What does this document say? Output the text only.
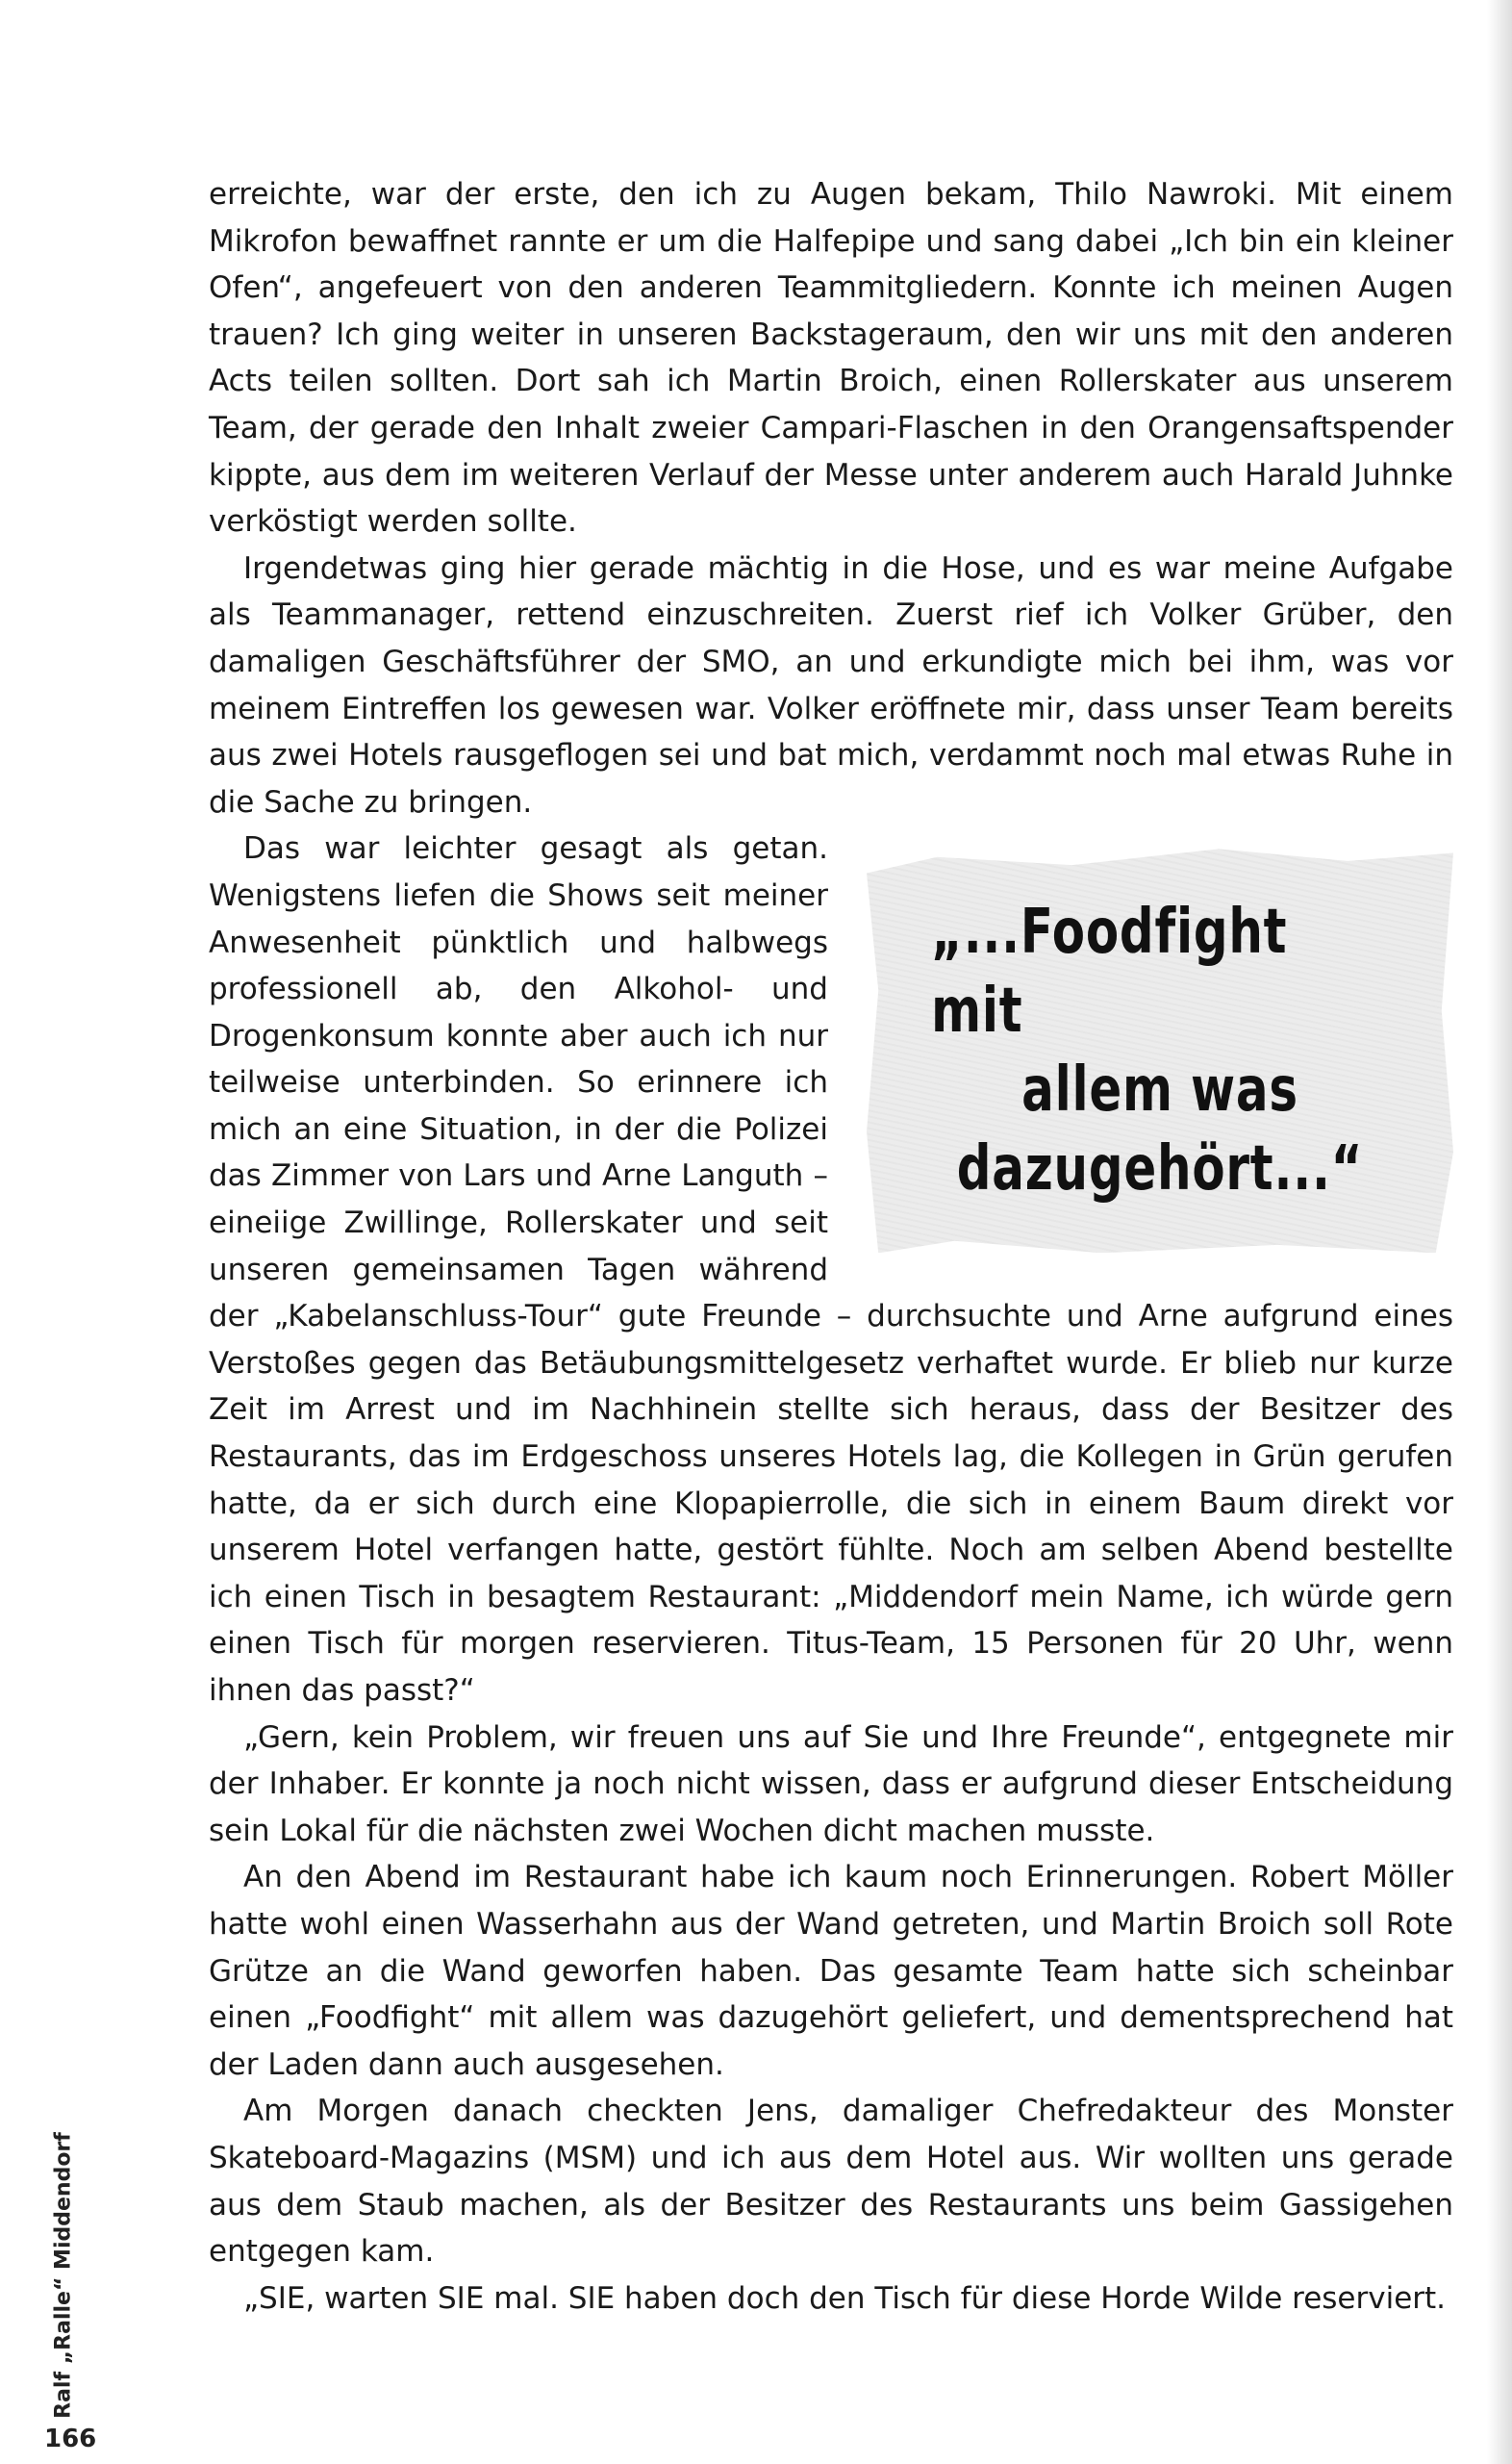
erreichte, war der erste, den ich zu Augen bekam, Thilo Nawroki. Mit einem Mikrofon bewaffnet rannte er um die Halfepipe und sang dabei „Ich bin ein kleiner Ofen“, angefeuert von den anderen Teammitgliedern. Konnte ich meinen Augen trauen? Ich ging weiter in unseren Backstageraum, den wir uns mit den anderen Acts teilen sollten. Dort sah ich Martin Broich, einen Rollerskater aus unserem Team, der gerade den Inhalt zweier Campari-Flaschen in den Orangensaftspender kippte, aus dem im weiteren Verlauf der Messe unter anderem auch Harald Juhnke verköstigt werden sollte.

Irgendetwas ging hier gerade mächtig in die Hose, und es war meine Aufgabe als Teammanager, rettend einzuschreiten. Zuerst rief ich Volker Grüber, den damaligen Geschäftsführer der SMO, an und erkundigte mich bei ihm, was vor meinem Eintreffen los gewesen war. Volker eröffnete mir, dass unser Team bereits aus zwei Hotels rausgeflogen sei und bat mich, verdammt noch mal etwas Ruhe in die Sache zu bringen.

„...Foodfight mit
allem was
dazugehört...“

Das war leichter gesagt als getan. Wenigstens liefen die Shows seit meiner Anwesenheit pünktlich und halbwegs professionell ab, den Alkohol- und Drogenkonsum konnte aber auch ich nur teilweise unterbinden. So erinnere ich mich an eine Situation, in der die Polizei das Zimmer von Lars und Arne Languth – eineiige Zwillinge, Rollerskater und seit unseren gemeinsamen Tagen während der „Kabelanschluss-Tour“ gute Freunde – durchsuchte und Arne aufgrund eines Verstoßes gegen das Betäubungsmittelgesetz verhaftet wurde. Er blieb nur kurze Zeit im Arrest und im Nachhinein stellte sich heraus, dass der Besitzer des Restaurants, das im Erdgeschoss unseres Hotels lag, die Kollegen in Grün gerufen hatte, da er sich durch eine Klopapierrolle, die sich in einem Baum direkt vor unserem Hotel verfangen hatte, gestört fühlte. Noch am selben Abend bestellte ich einen Tisch in besagtem Restaurant: „Middendorf mein Name, ich würde gern einen Tisch für morgen reservieren. Titus-Team, 15 Personen für 20 Uhr, wenn ihnen das passt?“

„Gern, kein Problem, wir freuen uns auf Sie und Ihre Freunde“, entgegnete mir der Inhaber. Er konnte ja noch nicht wissen, dass er aufgrund dieser Entscheidung sein Lokal für die nächsten zwei Wochen dicht machen musste.

An den Abend im Restaurant habe ich kaum noch Erinnerungen. Robert Möller hatte wohl einen Wasserhahn aus der Wand getreten, und Martin Broich soll Rote Grütze an die Wand geworfen haben. Das gesamte Team hatte sich scheinbar einen „Foodfight“ mit allem was dazugehört geliefert, und dementsprechend hat der Laden dann auch ausgesehen.

Am Morgen danach checkten Jens, damaliger Chefredakteur des Monster Skateboard-Magazins (MSM) und ich aus dem Hotel aus. Wir wollten uns gerade aus dem Staub machen, als der Besitzer des Restaurants uns beim Gassigehen entgegen kam.

„SIE, warten SIE mal. SIE haben doch den Tisch für diese Horde Wilde reserviert.

Ralf „Ralle“ Middendorf
166
